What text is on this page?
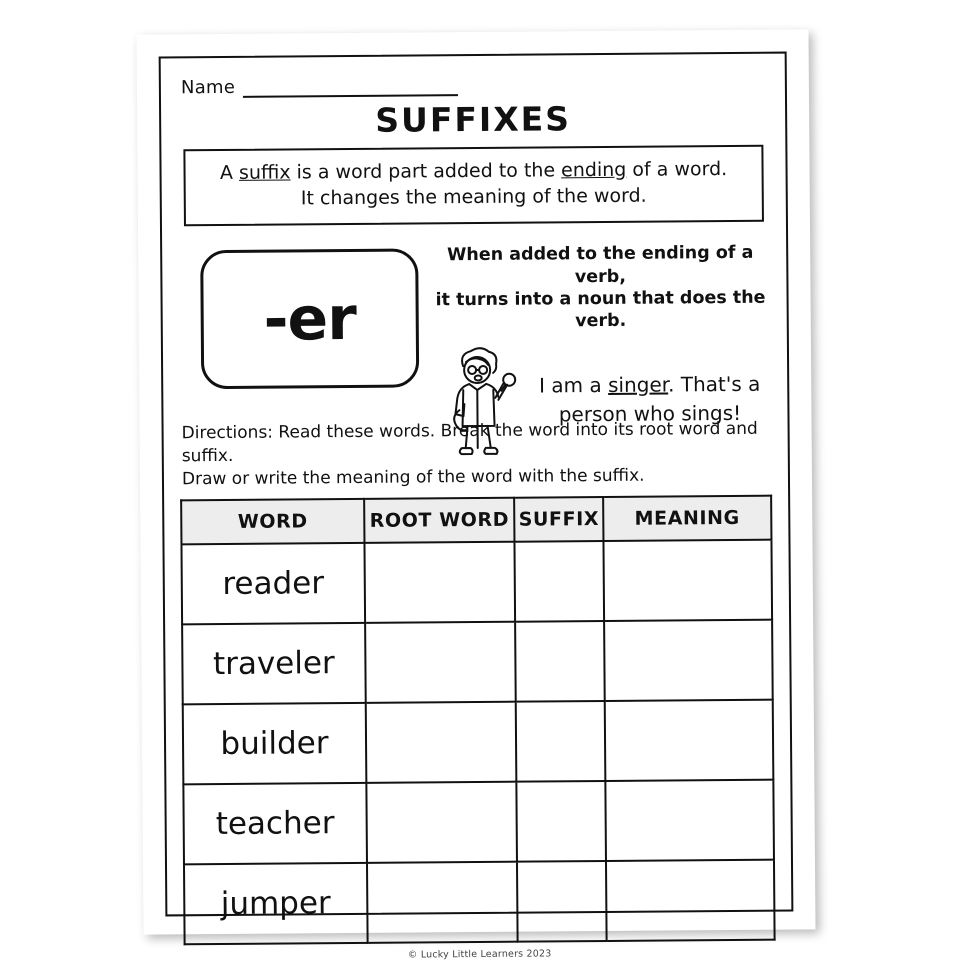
Name
SUFFIXES
A suffix is a word part added to the ending of a word.
It changes the meaning of the word.
-er
When added to the ending of a verb,
it turns into a noun that does the verb.
I am a singer. That's a person who sings!
Directions: Read these words. Break the word into its root word and suffix.
Draw or write the meaning of the word with the suffix.
WORD	ROOT WORD	SUFFIX	MEANING
reader			
traveler			
builder			
teacher			
jumper			
© Lucky Little Learners 2023
